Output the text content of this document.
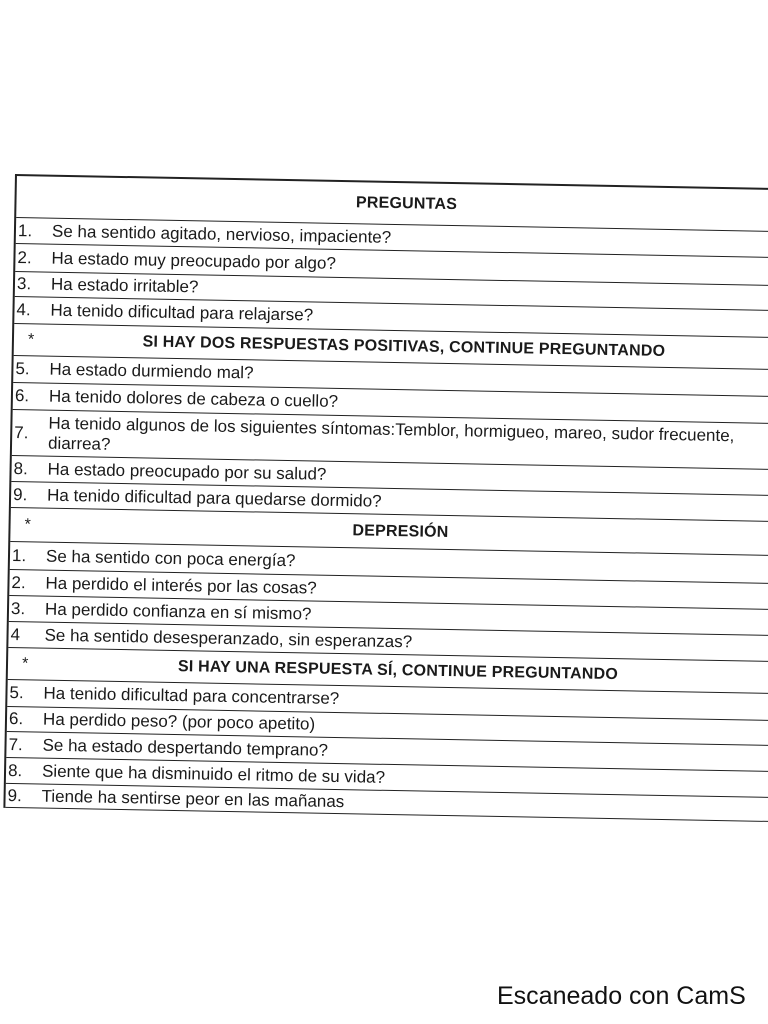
PREGUNTAS
1.	Se ha sentido agitado, nervioso, impaciente?
2.	Ha estado muy preocupado por algo?
3.	Ha estado irritable?
4.	Ha tenido dificultad para relajarse?
*	SI HAY DOS RESPUESTAS POSITIVAS, CONTINUE PREGUNTANDO
5.	Ha estado durmiendo mal?
6.	Ha tenido dolores de cabeza o cuello?
7.	Ha tenido algunos de los siguientes síntomas:Temblor, hormigueo, mareo, sudor frecuente, diarrea?
8.	Ha estado preocupado por su salud?
9.	Ha tenido dificultad para quedarse dormido?
*	DEPRESIÓN
1.	Se ha sentido con poca energía?
2.	Ha perdido el interés por las cosas?
3.	Ha perdido confianza en sí mismo?
4	Se ha sentido desesperanzado, sin esperanzas?
*	SI HAY UNA RESPUESTA SÍ, CONTINUE PREGUNTANDO
5.	Ha tenido dificultad para concentrarse?
6.	Ha perdido peso? (por poco apetito)
7.	Se ha estado despertando temprano?
8.	Siente que ha disminuido el ritmo de su vida?
9.	Tiende ha sentirse peor en las mañanas
Escaneado con CamS
